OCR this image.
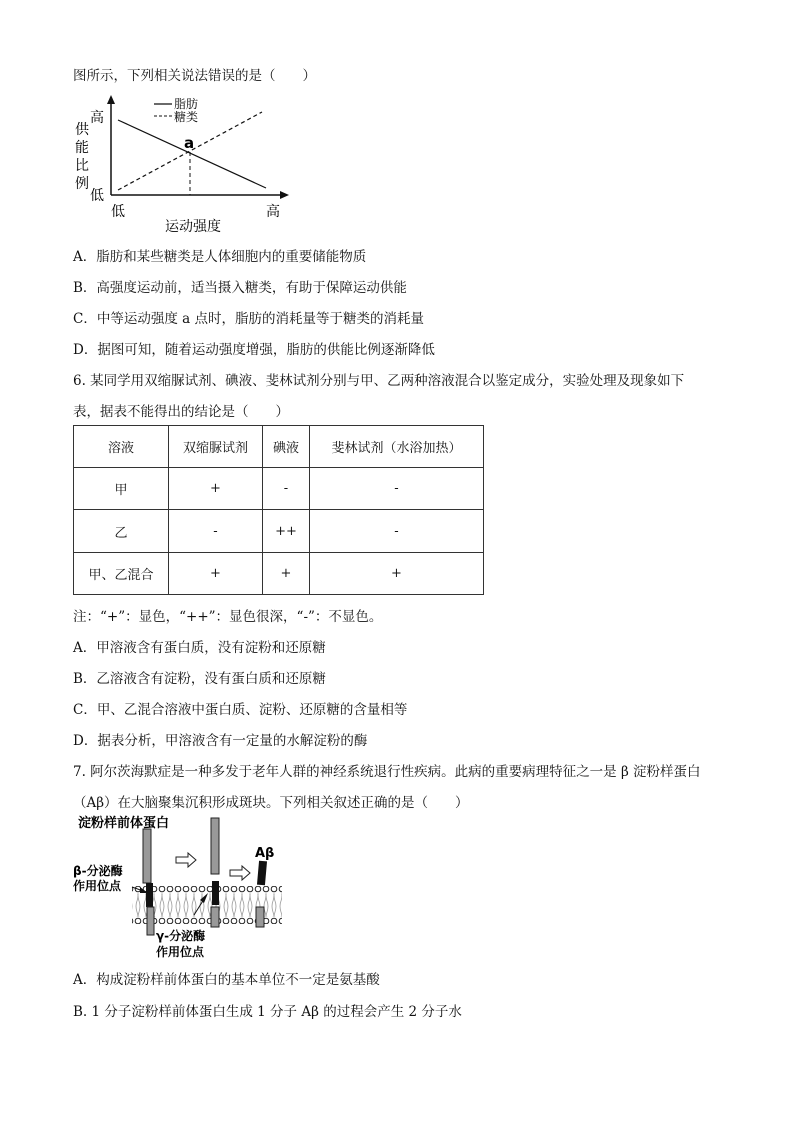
图所示，下列相关说法错误的是（　　）
脂肪
糖类
高
低
供
能
比
例
低	高
运动强度
a
A．脂肪和某些糖类是人体细胞内的重要储能物质
B．高强度运动前，适当摄入糖类，有助于保障运动供能
C．中等运动强度 a 点时，脂肪的消耗量等于糖类的消耗量
D．据图可知，随着运动强度增强，脂肪的供能比例逐渐降低
6. 某同学用双缩脲试剂、碘液、斐林试剂分别与甲、乙两种溶液混合以鉴定成分，实验处理及现象如下
表，据表不能得出的结论是（　　）
溶液	双缩脲试剂	碘液	斐林试剂（水浴加热）
甲	+	-	-
乙	-	++	-
甲、乙混合	+	+	+
注：“+”：显色，“++”：显色很深，“-”：不显色。
A．甲溶液含有蛋白质，没有淀粉和还原糖
B．乙溶液含有淀粉，没有蛋白质和还原糖
C．甲、乙混合溶液中蛋白质、淀粉、还原糖的含量相等
D．据表分析，甲溶液含有一定量的水解淀粉的酶
7. 阿尔茨海默症是一种多发于老年人群的神经系统退行性疾病。此病的重要病理特征之一是 β 淀粉样蛋白
（Aβ）在大脑聚集沉积形成斑块。下列相关叙述正确的是（　　）
淀粉样前体蛋白
β-分泌酶
作用位点
γ-分泌酶
作用位点
Aβ
A．构成淀粉样前体蛋白的基本单位不一定是氨基酸
B. 1 分子淀粉样前体蛋白生成 1 分子 Aβ 的过程会产生 2 分子水
